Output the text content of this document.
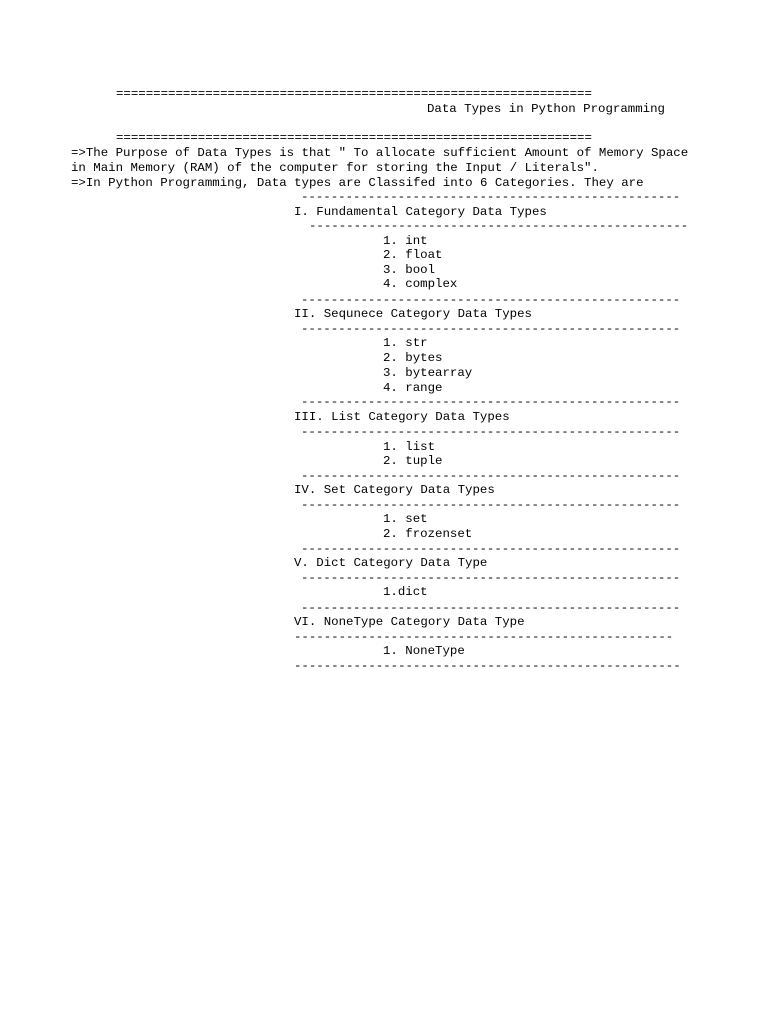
================================================================
Data Types in Python Programming
================================================================
=>The Purpose of Data Types is that " To allocate sufficient Amount of Memory Space
in Main Memory (RAM) of the computer for storing the Input / Literals".
=>In Python Programming, Data types are Classifed into 6 Categories. They are
---------------------------------------------------
I. Fundamental Category Data Types
---------------------------------------------------
1. int
2. float
3. bool
4. complex
---------------------------------------------------
II. Sequnece Category Data Types
---------------------------------------------------
1. str
2. bytes
3. bytearray
4. range
---------------------------------------------------
III. List Category Data Types
---------------------------------------------------
1. list
2. tuple
---------------------------------------------------
IV. Set Category Data Types
---------------------------------------------------
1. set
2. frozenset
---------------------------------------------------
V. Dict Category Data Type
---------------------------------------------------
1.dict
---------------------------------------------------
VI. NoneType Category Data Type
---------------------------------------------------
1. NoneType
----------------------------------------------------
